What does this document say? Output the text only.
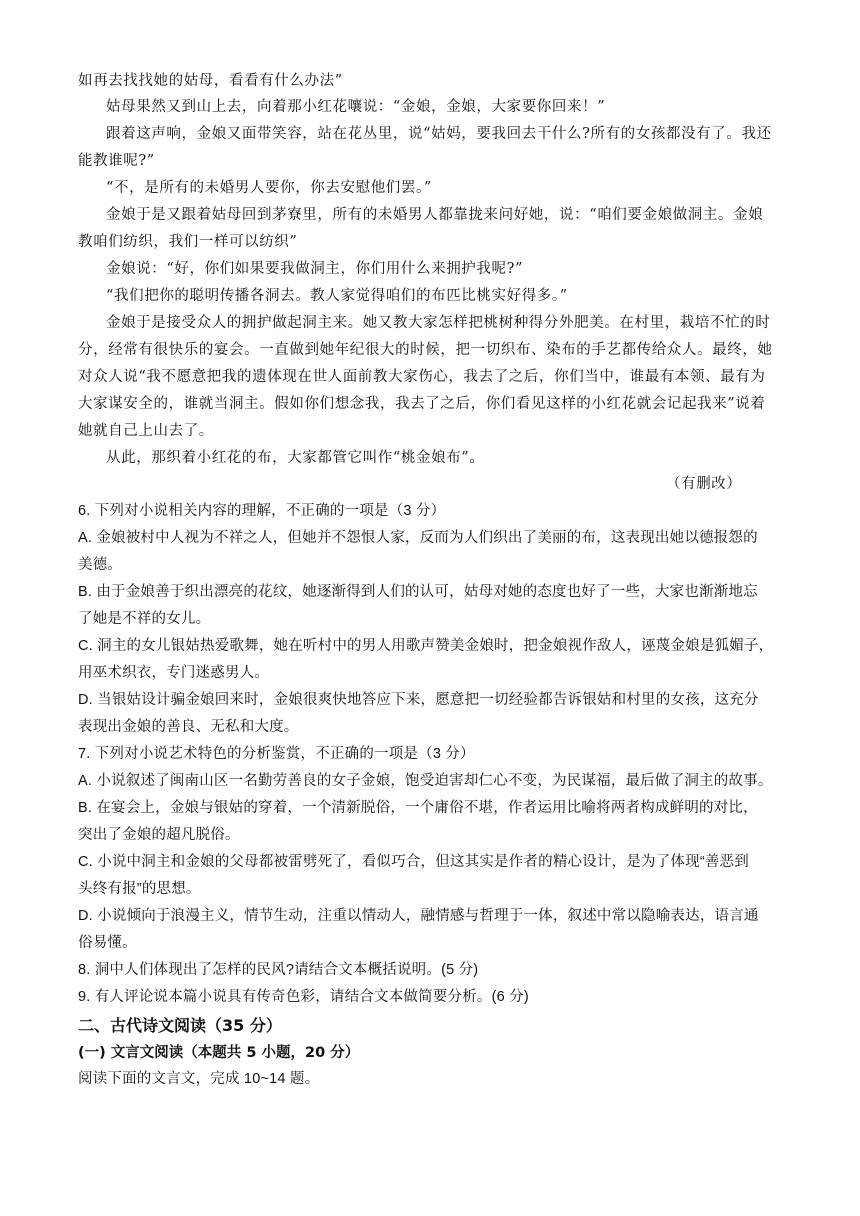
如再去找找她的姑母，看看有什么办法”

姑母果然又到山上去，向着那小红花嚷说：“金娘，金娘，大家要你回来！”

跟着这声响，金娘又面带笑容，站在花丛里，说“姑妈，要我回去干什么?所有的女孩都没有了。我还

能教谁呢?”

“不，是所有的未婚男人要你，你去安慰他们罢。”

金娘于是又跟着姑母回到茅寮里，所有的未婚男人都靠拢来问好她，说：“咱们要金娘做洞主。金娘

教咱们纺织，我们一样可以纺织”

金娘说：“好，你们如果要我做洞主，你们用什么来拥护我呢?”

“我们把你的聪明传播各洞去。教人家觉得咱们的布匹比桃实好得多。”

金娘于是接受众人的拥护做起洞主来。她又教大家怎样把桃树种得分外肥美。在村里，栽培不忙的时

分，经常有很快乐的宴会。一直做到她年纪很大的时候，把一切织布、染布的手艺都传给众人。最终，她

对众人说“我不愿意把我的遗体现在世人面前教大家伤心，我去了之后，你们当中，谁最有本领、最有为

大家谋安全的，谁就当洞主。假如你们想念我，我去了之后，你们看见这样的小红花就会记起我来”说着

她就自己上山去了。

从此，那织着小红花的布，大家都管它叫作“桃金娘布”。

（有删改）

6. 下列对小说相关内容的理解，不正确的一项是（3 分）

A. 金娘被村中人视为不祥之人，但她并不怨恨人家，反而为人们织出了美丽的布，这表现出她以德报怨的

美德。

B. 由于金娘善于织出漂亮的花纹，她逐渐得到人们的认可，姑母对她的态度也好了一些，大家也渐渐地忘

了她是不祥的女儿。

C. 洞主的女儿银姑热爱歌舞，她在听村中的男人用歌声赞美金娘时，把金娘视作敌人，诬蔑金娘是狐媚子，

用巫术织衣，专门迷惑男人。

D. 当银姑设计骗金娘回来时，金娘很爽快地答应下来，愿意把一切经验都告诉银姑和村里的女孩，这充分

表现出金娘的善良、无私和大度。

7. 下列对小说艺术特色的分析鉴赏，不正确的一项是（3 分）

A. 小说叙述了闽南山区一名勤劳善良的女子金娘，饱受迫害却仁心不变，为民谋福，最后做了洞主的故事。

B. 在宴会上，金娘与银姑的穿着，一个清新脱俗，一个庸俗不堪，作者运用比喻将两者构成鲜明的对比，

突出了金娘的超凡脱俗。

C. 小说中洞主和金娘的父母都被雷劈死了，看似巧合，但这其实是作者的精心设计，是为了体现“善恶到

头终有报”的思想。

D. 小说倾向于浪漫主义，情节生动，注重以情动人，融情感与哲理于一体，叙述中常以隐喻表达，语言通

俗易懂。

8. 洞中人们体现出了怎样的民风?请结合文本概括说明。(5 分)

9. 有人评论说本篇小说具有传奇色彩，请结合文本做简要分析。(6 分)

二、古代诗文阅读（35 分）

(一) 文言文阅读（本题共 5 小题，20 分）

阅读下面的文言文，完成 10~14 题。
